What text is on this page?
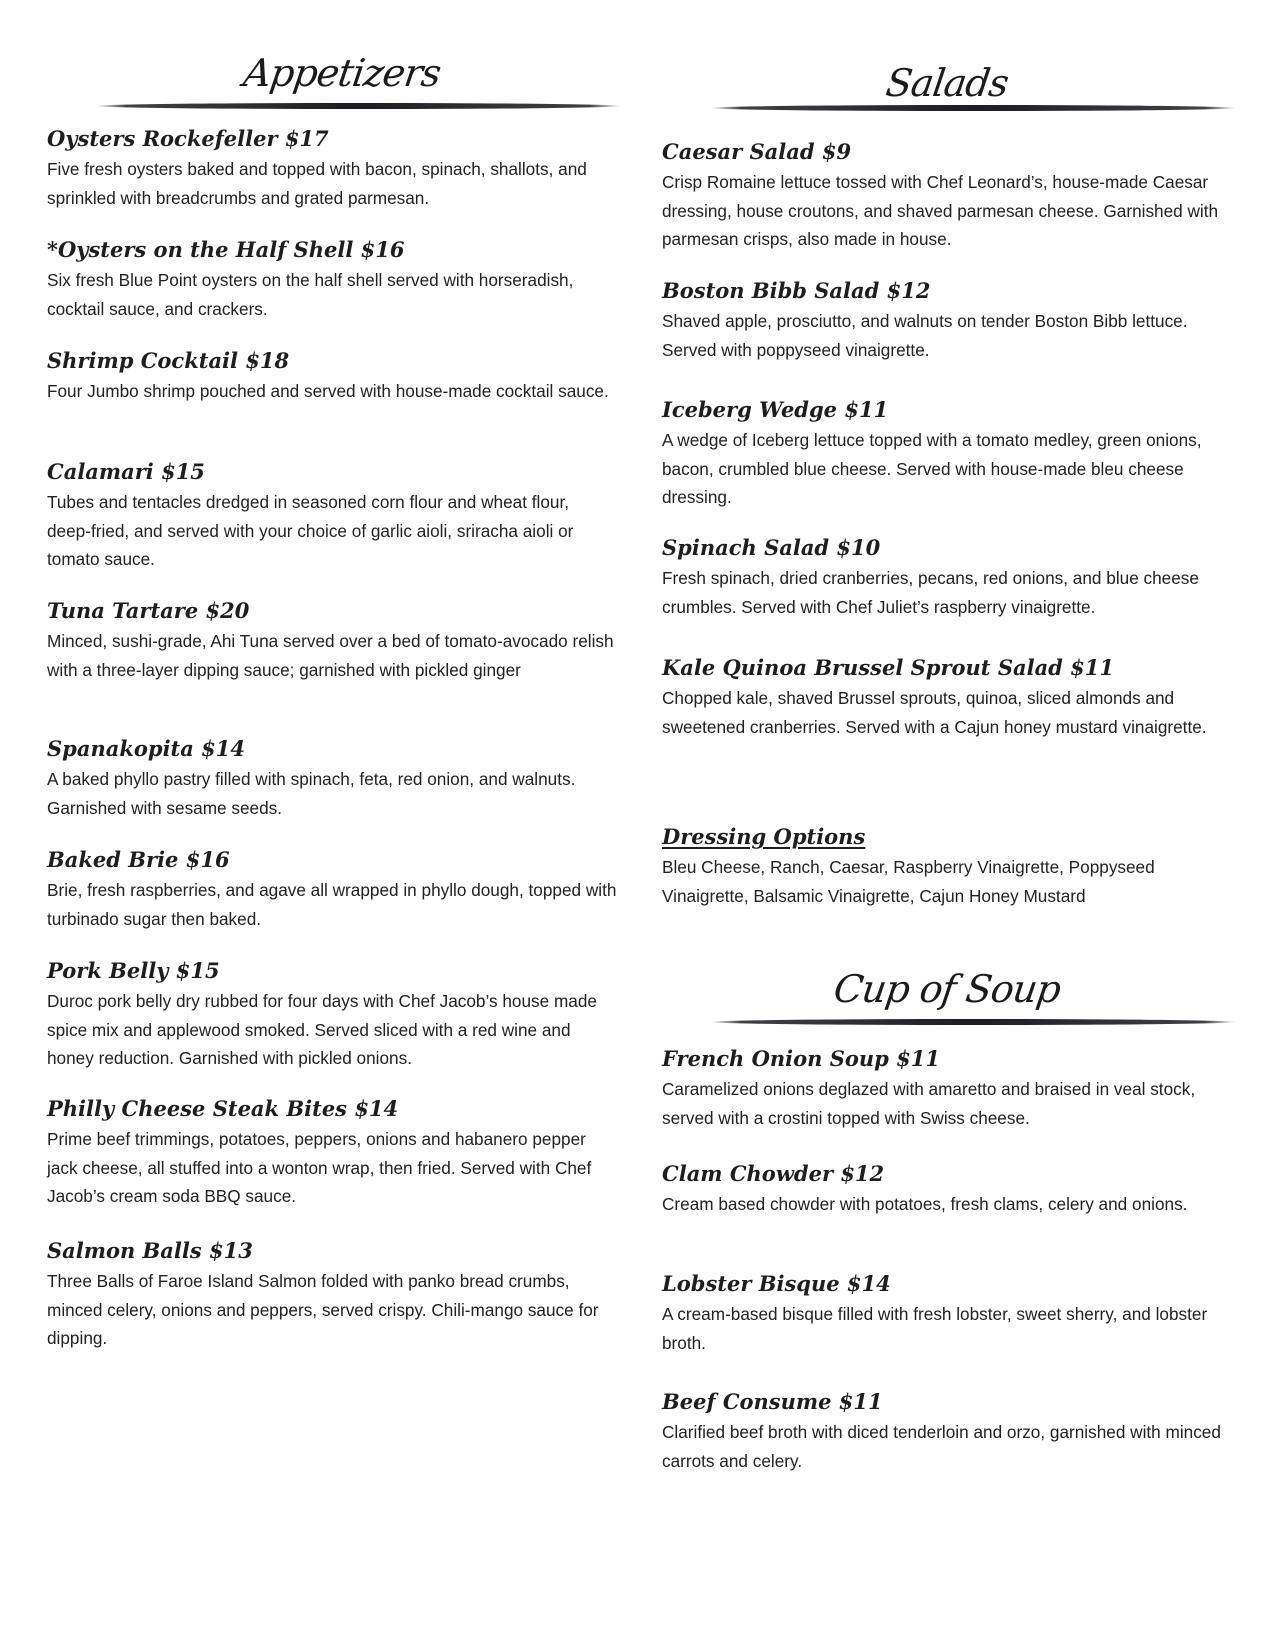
Appetizers
Oysters Rockefeller $17
Five fresh oysters baked and topped with bacon, spinach, shallots, and sprinkled with breadcrumbs and grated parmesan.
*Oysters on the Half Shell $16
Six fresh Blue Point oysters on the half shell served with horseradish, cocktail sauce, and crackers.
Shrimp Cocktail $18
Four Jumbo shrimp pouched and served with house-made cocktail sauce.
Calamari $15
Tubes and tentacles dredged in seasoned corn flour and wheat flour, deep-fried, and served with your choice of garlic aioli, sriracha aioli or tomato sauce.
Tuna Tartare $20
Minced, sushi-grade, Ahi Tuna served over a bed of tomato-avocado relish with a three-layer dipping sauce; garnished with pickled ginger
Spanakopita $14
A baked phyllo pastry filled with spinach, feta, red onion, and walnuts. Garnished with sesame seeds.
Baked Brie $16
Brie, fresh raspberries, and agave all wrapped in phyllo dough, topped with turbinado sugar then baked.
Pork Belly $15
Duroc pork belly dry rubbed for four days with Chef Jacob’s house made spice mix and applewood smoked. Served sliced with a red wine and honey reduction. Garnished with pickled onions.
Philly Cheese Steak Bites $14
Prime beef trimmings, potatoes, peppers, onions and habanero pepper jack cheese, all stuffed into a wonton wrap, then fried. Served with Chef Jacob’s cream soda BBQ sauce.
Salmon Balls $13
Three Balls of Faroe Island Salmon folded with panko bread crumbs, minced celery, onions and peppers, served crispy. Chili-mango sauce for dipping.
Salads
Caesar Salad $9
Crisp Romaine lettuce tossed with Chef Leonard’s, house-made Caesar dressing, house croutons, and shaved parmesan cheese. Garnished with parmesan crisps, also made in house.
Boston Bibb Salad $12
Shaved apple, prosciutto, and walnuts on tender Boston Bibb lettuce. Served with poppyseed vinaigrette.
Iceberg Wedge $11
A wedge of Iceberg lettuce topped with a tomato medley, green onions, bacon, crumbled blue cheese. Served with house-made bleu cheese dressing.
Spinach Salad $10
Fresh spinach, dried cranberries, pecans, red onions, and blue cheese crumbles. Served with Chef Juliet’s raspberry vinaigrette.
Kale Quinoa Brussel Sprout Salad $11
Chopped kale, shaved Brussel sprouts, quinoa, sliced almonds and sweetened cranberries. Served with a Cajun honey mustard vinaigrette.
Dressing Options
Bleu Cheese, Ranch, Caesar, Raspberry Vinaigrette, Poppyseed Vinaigrette, Balsamic Vinaigrette, Cajun Honey Mustard
Cup of Soup
French Onion Soup $11
Caramelized onions deglazed with amaretto and braised in veal stock, served with a crostini topped with Swiss cheese.
Clam Chowder $12
Cream based chowder with potatoes, fresh clams, celery and onions.
Lobster Bisque $14
A cream-based bisque filled with fresh lobster, sweet sherry, and lobster broth.
Beef Consume $11
Clarified beef broth with diced tenderloin and orzo, garnished with minced carrots and celery.
